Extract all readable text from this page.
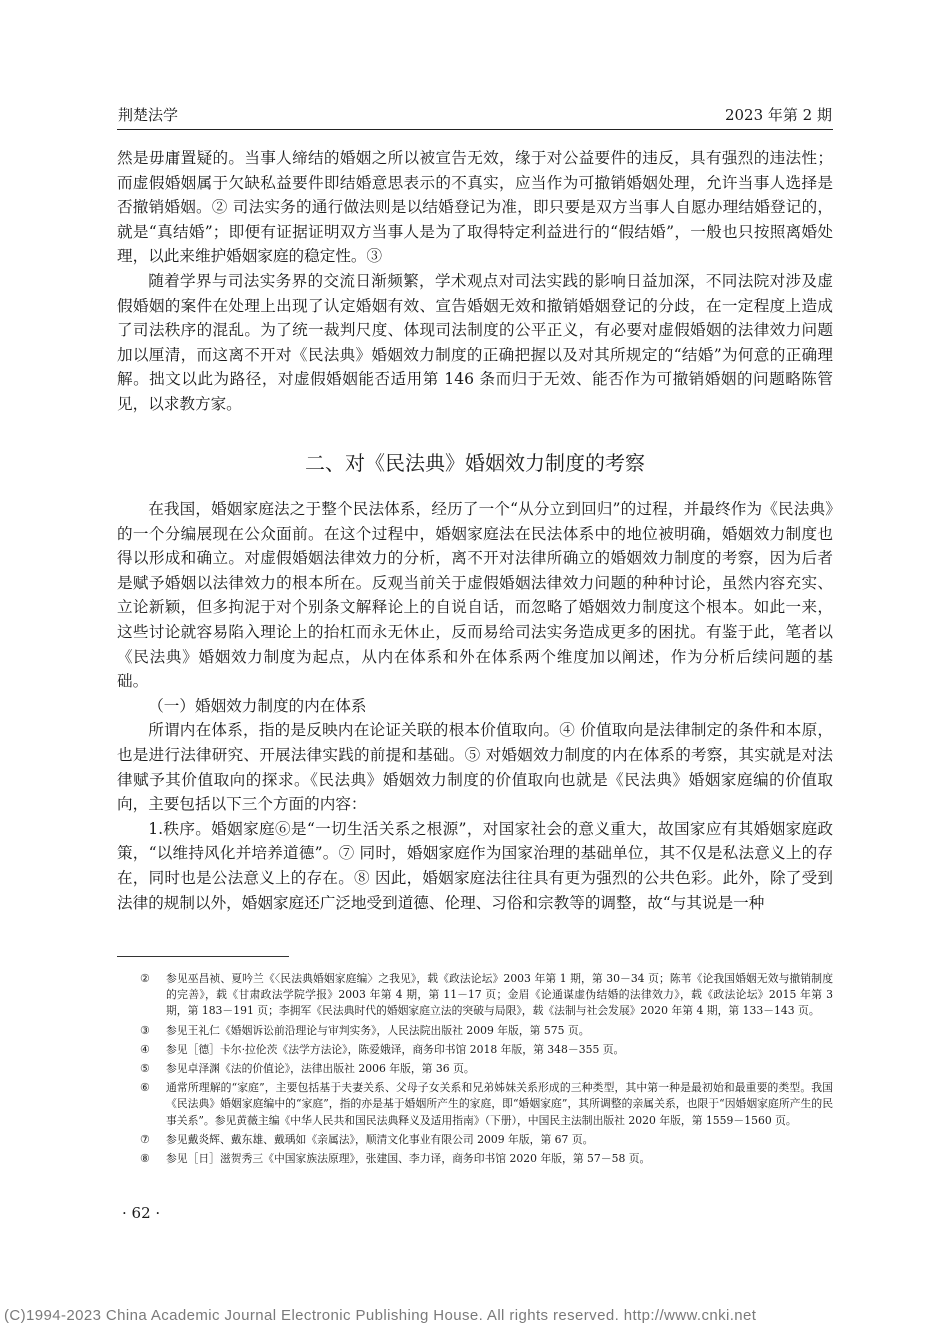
荆楚法学	2023 年第 2 期

然是毋庸置疑的。当事人缔结的婚姻之所以被宣告无效，缘于对公益要件的违反，具有强烈的违法性；而虚假婚姻属于欠缺私益要件即结婚意思表示的不真实，应当作为可撤销婚姻处理，允许当事人选择是否撤销婚姻。② 司法实务的通行做法则是以结婚登记为准，即只要是双方当事人自愿办理结婚登记的，就是“真结婚”；即便有证据证明双方当事人是为了取得特定利益进行的“假结婚”，一般也只按照离婚处理，以此来维护婚姻家庭的稳定性。③

随着学界与司法实务界的交流日渐频繁，学术观点对司法实践的影响日益加深，不同法院对涉及虚假婚姻的案件在处理上出现了认定婚姻有效、宣告婚姻无效和撤销婚姻登记的分歧，在一定程度上造成了司法秩序的混乱。为了统一裁判尺度、体现司法制度的公平正义，有必要对虚假婚姻的法律效力问题加以厘清，而这离不开对《民法典》婚姻效力制度的正确把握以及对其所规定的“结婚”为何意的正确理解。拙文以此为路径，对虚假婚姻能否适用第 146 条而归于无效、能否作为可撤销婚姻的问题略陈管见，以求教方家。

二、对《民法典》婚姻效力制度的考察

在我国，婚姻家庭法之于整个民法体系，经历了一个“从分立到回归”的过程，并最终作为《民法典》的一个分编展现在公众面前。在这个过程中，婚姻家庭法在民法体系中的地位被明确，婚姻效力制度也得以形成和确立。对虚假婚姻法律效力的分析，离不开对法律所确立的婚姻效力制度的考察，因为后者是赋予婚姻以法律效力的根本所在。反观当前关于虚假婚姻法律效力问题的种种讨论，虽然内容充实、立论新颖，但多拘泥于对个别条文解释论上的自说自话，而忽略了婚姻效力制度这个根本。如此一来，这些讨论就容易陷入理论上的抬杠而永无休止，反而易给司法实务造成更多的困扰。有鉴于此，笔者以《民法典》婚姻效力制度为起点，从内在体系和外在体系两个维度加以阐述，作为分析后续问题的基础。

（一）婚姻效力制度的内在体系

所谓内在体系，指的是反映内在论证关联的根本价值取向。④ 价值取向是法律制定的条件和本原，也是进行法律研究、开展法律实践的前提和基础。⑤ 对婚姻效力制度的内在体系的考察，其实就是对法律赋予其价值取向的探求。《民法典》婚姻效力制度的价值取向也就是《民法典》婚姻家庭编的价值取向，主要包括以下三个方面的内容：

1.秩序。婚姻家庭⑥是“一切生活关系之根源”，对国家社会的意义重大，故国家应有其婚姻家庭政策，“以维持风化并培养道德”。⑦ 同时，婚姻家庭作为国家治理的基础单位，其不仅是私法意义上的存在，同时也是公法意义上的存在。⑧ 因此，婚姻家庭法往往具有更为强烈的公共色彩。此外，除了受到法律的规制以外，婚姻家庭还广泛地受到道德、伦理、习俗和宗教等的调整，故“与其说是一种

②	参见巫昌祯、夏吟兰《〈民法典婚姻家庭编〉之我见》，载《政法论坛》2003 年第 1 期，第 30－34 页；陈苇《论我国婚姻无效与撤销制度的完善》，载《甘肃政法学院学报》2003 年第 4 期，第 11－17 页；金眉《论通谋虚伪结婚的法律效力》，载《政法论坛》2015 年第 3 期，第 183－191 页；李拥军《民法典时代的婚姻家庭立法的突破与局限》，载《法制与社会发展》2020 年第 4 期，第 133－143 页。
③	参见王礼仁《婚姻诉讼前沿理论与审判实务》，人民法院出版社 2009 年版，第 575 页。
④	参见［德］卡尔·拉伦茨《法学方法论》，陈爱娥译，商务印书馆 2018 年版，第 348－355 页。
⑤	参见卓泽渊《法的价值论》，法律出版社 2006 年版，第 36 页。
⑥	通常所理解的“家庭”，主要包括基于夫妻关系、父母子女关系和兄弟姊妹关系形成的三种类型，其中第一种是最初始和最重要的类型。我国《民法典》婚姻家庭编中的“家庭”，指的亦是基于婚姻所产生的家庭，即“婚姻家庭”，其所调整的亲属关系，也限于“因婚姻家庭所产生的民事关系”。参见黄薇主编《中华人民共和国民法典释义及适用指南》（下册），中国民主法制出版社 2020 年版，第 1559－1560 页。
⑦	参见戴炎辉、戴东雄、戴瑀如《亲属法》，顺清文化事业有限公司 2009 年版，第 67 页。
⑧	参见［日］滋贺秀三《中国家族法原理》，张建国、李力译，商务印书馆 2020 年版，第 57－58 页。
· 62 ·
(C)1994-2023 China Academic Journal Electronic Publishing House. All rights reserved. http://www.cnki.net
